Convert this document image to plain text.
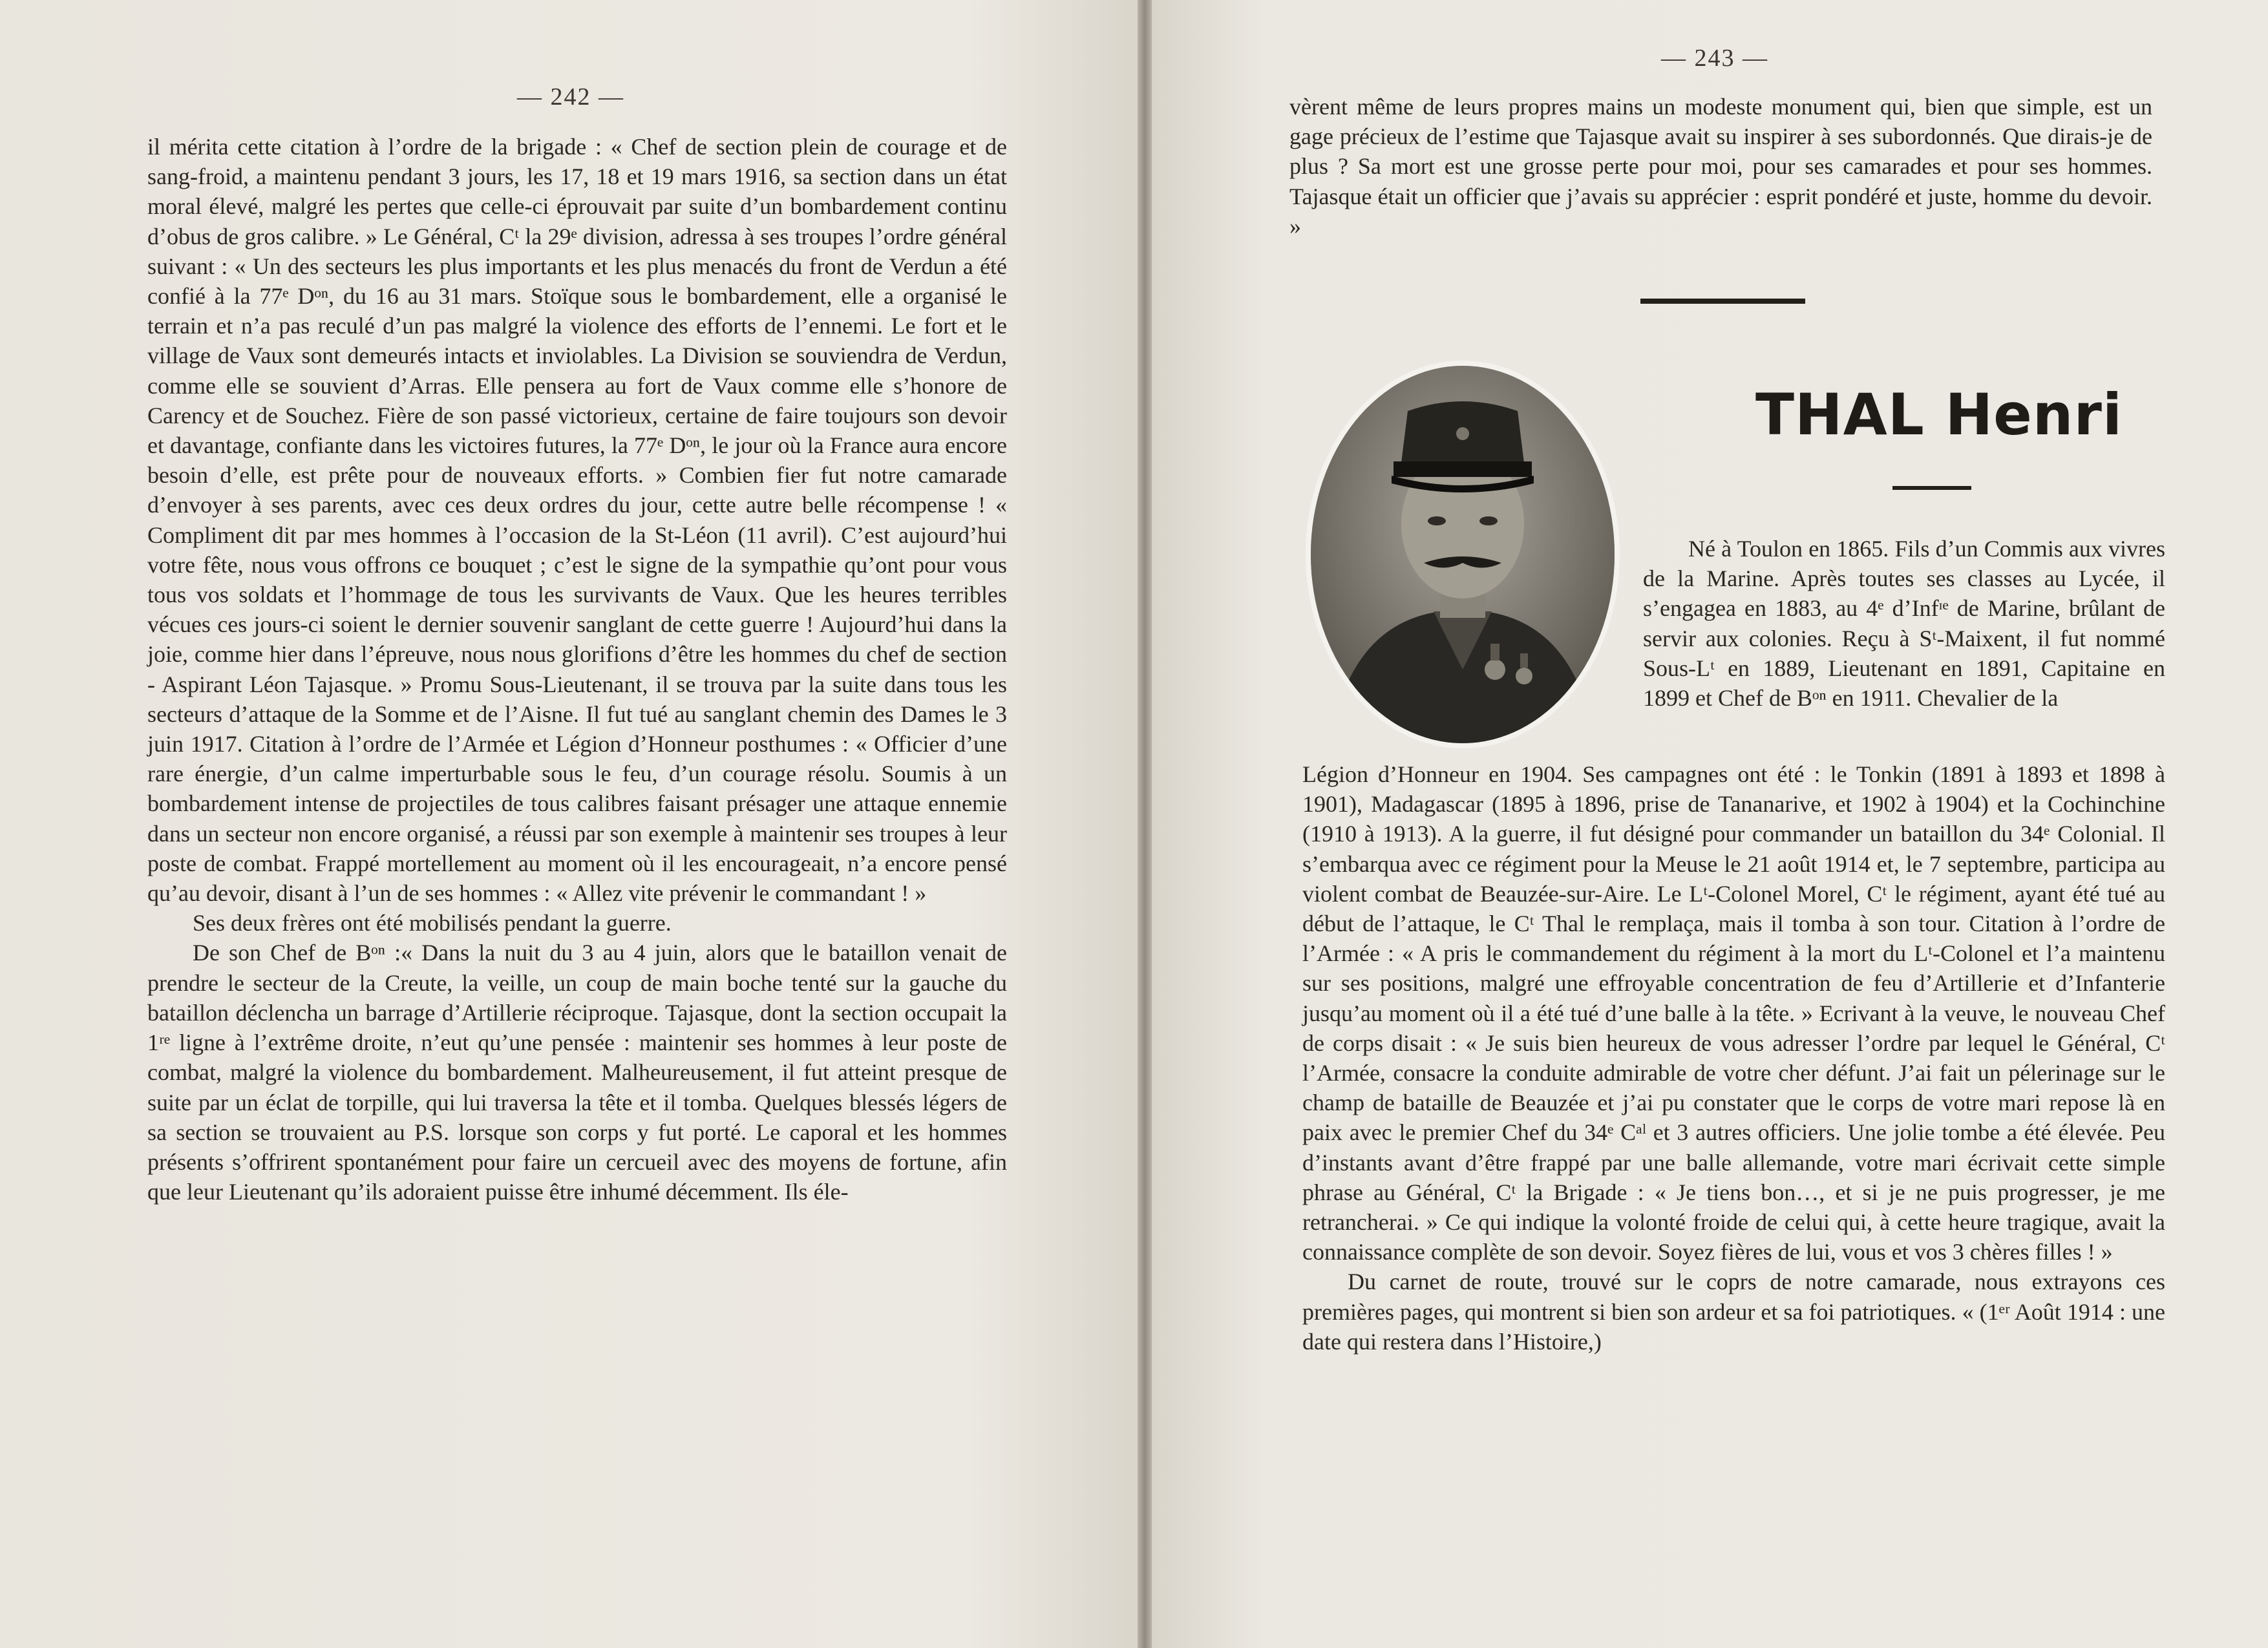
— 242 —

il mérita cette citation à l’ordre de la brigade : « Chef de section plein de courage et de sang-froid, a maintenu pendant 3 jours, les 17, 18 et 19 mars 1916, sa section dans un état moral élevé, malgré les pertes que celle-ci éprouvait par suite d’un bombardement continu d’obus de gros calibre. » Le Général, Cᵗ la 29ᵉ division, adressa à ses troupes l’ordre général suivant : « Un des secteurs les plus importants et les plus menacés du front de Verdun a été confié à la 77ᵉ Dᵒⁿ, du 16 au 31 mars. Stoïque sous le bombardement, elle a organisé le terrain et n’a pas reculé d’un pas malgré la violence des efforts de l’ennemi. Le fort et le village de Vaux sont demeurés intacts et inviolables. La Division se souviendra de Verdun, comme elle se souvient d’Arras. Elle pensera au fort de Vaux comme elle s’honore de Carency et de Souchez. Fière de son passé victorieux, certaine de faire toujours son devoir et davantage, confiante dans les victoires futures, la 77ᵉ Dᵒⁿ, le jour où la France aura encore besoin d’elle, est prête pour de nouveaux efforts. » Combien fier fut notre camarade d’envoyer à ses parents, avec ces deux ordres du jour, cette autre belle récompense ! « Compliment dit par mes hommes à l’occasion de la St-Léon (11 avril). C’est aujourd’hui votre fête, nous vous offrons ce bouquet ; c’est le signe de la sympathie qu’ont pour vous tous vos soldats et l’hommage de tous les survivants de Vaux. Que les heures terribles vécues ces jours-ci soient le dernier souvenir sanglant de cette guerre ! Aujourd’hui dans la joie, comme hier dans l’épreuve, nous nous glorifions d’être les hommes du chef de section - Aspirant Léon Tajasque. » Promu Sous-Lieutenant, il se trouva par la suite dans tous les secteurs d’attaque de la Somme et de l’Aisne. Il fut tué au sanglant chemin des Dames le 3 juin 1917. Citation à l’ordre de l’Armée et Légion d’Honneur posthumes : « Officier d’une rare énergie, d’un calme imperturbable sous le feu, d’un courage résolu. Soumis à un bombardement intense de projectiles de tous calibres faisant présager une attaque ennemie dans un secteur non encore organisé, a réussi par son exemple à maintenir ses troupes à leur poste de combat. Frappé mortellement au moment où il les encourageait, n’a encore pensé qu’au devoir, disant à l’un de ses hommes : « Allez vite prévenir le commandant ! »

Ses deux frères ont été mobilisés pendant la guerre.

De son Chef de Bᵒⁿ :« Dans la nuit du 3 au 4 juin, alors que le bataillon venait de prendre le secteur de la Creute, la veille, un coup de main boche tenté sur la gauche du bataillon déclencha un barrage d’Artillerie réciproque. Tajasque, dont la section occupait la 1ʳᵉ ligne à l’extrême droite, n’eut qu’une pensée : maintenir ses hommes à leur poste de combat, malgré la violence du bombardement. Malheureusement, il fut atteint presque de suite par un éclat de torpille, qui lui traversa la tête et il tomba. Quelques blessés légers de sa section se trouvaient au P.S. lorsque son corps y fut porté. Le caporal et les hommes présents s’offrirent spontanément pour faire un cercueil avec des moyens de fortune, afin que leur Lieutenant qu’ils adoraient puisse être inhumé décemment. Ils éle-

— 243 —

vèrent même de leurs propres mains un modeste monument qui, bien que simple, est un gage précieux de l’estime que Tajasque avait su inspirer à ses subordonnés. Que dirais-je de plus ? Sa mort est une grosse perte pour moi, pour ses camarades et pour ses hommes. Tajasque était un officier que j’avais su apprécier : esprit pondéré et juste, homme du devoir. »

THAL Henri

Né à Toulon en 1865. Fils d’un Commis aux vivres de la Marine. Après toutes ses classes au Lycée, il s’engagea en 1883, au 4ᵉ d’Infᶦᵉ de Marine, brûlant de servir aux colonies. Reçu à Sᵗ-Maixent, il fut nommé Sous-Lᵗ en 1889, Lieutenant en 1891, Capitaine en 1899 et Chef de Bᵒⁿ en 1911. Chevalier de la

Légion d’Honneur en 1904. Ses campagnes ont été : le Tonkin (1891 à 1893 et 1898 à 1901), Madagascar (1895 à 1896, prise de Tananarive, et 1902 à 1904) et la Cochinchine (1910 à 1913). A la guerre, il fut désigné pour commander un bataillon du 34ᵉ Colonial. Il s’embarqua avec ce régiment pour la Meuse le 21 août 1914 et, le 7 septembre, participa au violent combat de Beauzée-sur-Aire. Le Lᵗ-Colonel Morel, Cᵗ le régiment, ayant été tué au début de l’attaque, le Cᵗ Thal le remplaça, mais il tomba à son tour. Citation à l’ordre de l’Armée : « A pris le commandement du régiment à la mort du Lᵗ-Colonel et l’a maintenu sur ses positions, malgré une effroyable concentration de feu d’Artillerie et d’Infanterie jusqu’au moment où il a été tué d’une balle à la tête. » Ecrivant à la veuve, le nouveau Chef de corps disait : « Je suis bien heureux de vous adresser l’ordre par lequel le Général, Cᵗ l’Armée, consacre la conduite admirable de votre cher défunt. J’ai fait un pélerinage sur le champ de bataille de Beauzée et j’ai pu constater que le corps de votre mari repose là en paix avec le premier Chef du 34ᵉ Cᵃˡ et 3 autres officiers. Une jolie tombe a été élevée. Peu d’instants avant d’être frappé par une balle allemande, votre mari écrivait cette simple phrase au Général, Cᵗ la Brigade : « Je tiens bon…, et si je ne puis progresser, je me retrancherai. » Ce qui indique la volonté froide de celui qui, à cette heure tragique, avait la connaissance complète de son devoir. Soyez fières de lui, vous et vos 3 chères filles ! »

Du carnet de route, trouvé sur le coprs de notre camarade, nous extrayons ces premières pages, qui montrent si bien son ardeur et sa foi patriotiques. « (1ᵉʳ Août 1914 : une date qui restera dans l’Histoire,)
